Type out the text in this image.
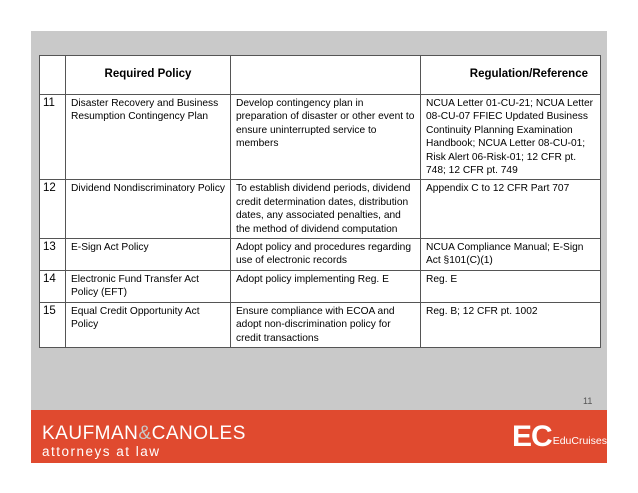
	Required Policy		Regulation/Reference
11	Disaster Recovery and Business Resumption Contingency Plan	Develop contingency plan in preparation of disaster or other event to ensure uninterrupted service to members	NCUA Letter 01-CU-21; NCUA Letter 08-CU-07 FFIEC Updated Business Continuity Planning Examination Handbook; NCUA Letter 08-CU-01; Risk Alert 06-Risk-01; 12 CFR pt. 748; 12 CFR pt. 749
12	Dividend Nondiscriminatory Policy	To establish dividend periods, dividend credit determination dates, distribution dates, any associated penalties, and the method of dividend computation	Appendix C to 12 CFR Part 707
13	E-Sign Act Policy	Adopt policy and procedures regarding use of electronic records	NCUA Compliance Manual; E-Sign Act §101(C)(1)
14	Electronic Fund Transfer Act Policy (EFT)	Adopt policy implementing Reg. E	Reg. E
15	Equal Credit Opportunity Act Policy	Ensure compliance with ECOA and adopt non-discrimination policy for credit transactions	Reg. B; 12 CFR pt. 1002
11
KAUFMAN&CANOLES
attorneys at law	ECEduCruises
